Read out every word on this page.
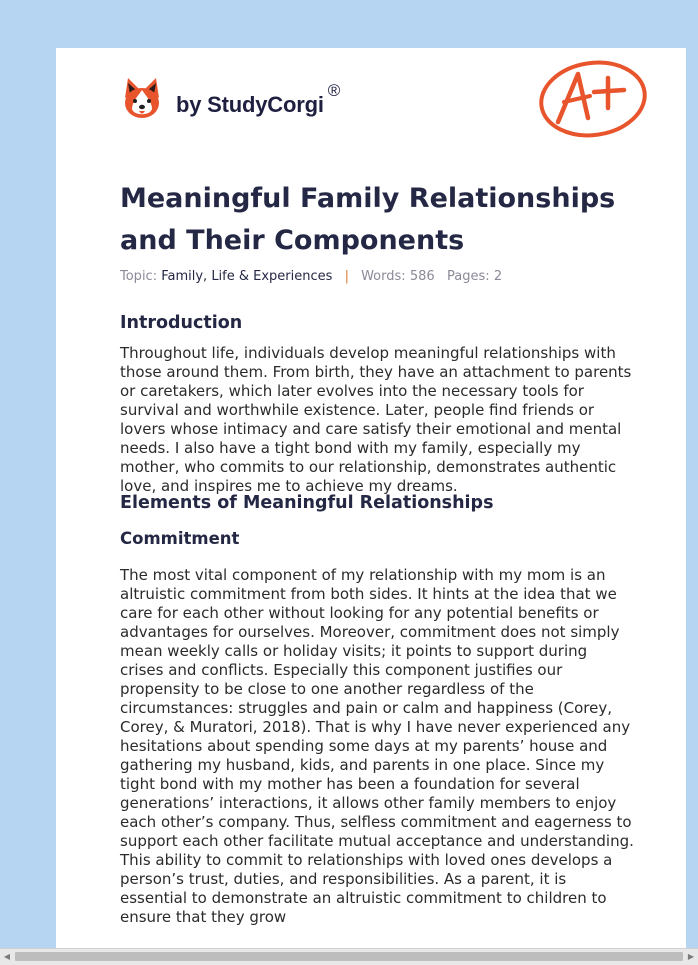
by StudyCorgi
®
Meaningful Family Relationships and Their Components
Topic: Family, Life & Experiences | Words: 586 Pages: 2
Introduction

Throughout life, individuals develop meaningful relationships with those around them. From birth, they have an attachment to parents or caretakers, which later evolves into the necessary tools for survival and worthwhile existence. Later, people find friends or lovers whose intimacy and care satisfy their emotional and mental needs. I also have a tight bond with my family, especially my mother, who commits to our relationship, demonstrates authentic love, and inspires me to achieve my dreams.

Elements of Meaningful Relationships
Commitment

The most vital component of my relationship with my mom is an altruistic commitment from both sides. It hints at the idea that we care for each other without looking for any potential benefits or advantages for ourselves. Moreover, commitment does not simply mean weekly calls or holiday visits; it points to support during crises and conflicts. Especially this component justifies our propensity to be close to one another regardless of the circumstances: struggles and pain or calm and happiness (Corey, Corey, & Muratori, 2018). That is why I have never experienced any hesitations about spending some days at my parents’ house and gathering my husband, kids, and parents in one place. Since my tight bond with my mother has been a foundation for several generations’ interactions, it allows other family members to enjoy each other’s company. Thus, selfless commitment and eagerness to support each other facilitate mutual acceptance and understanding. This ability to commit to relationships with loved ones develops a person’s trust, duties, and responsibilities. As a parent, it is essential to demonstrate an altruistic commitment to children to ensure that they grow

◀	▶
